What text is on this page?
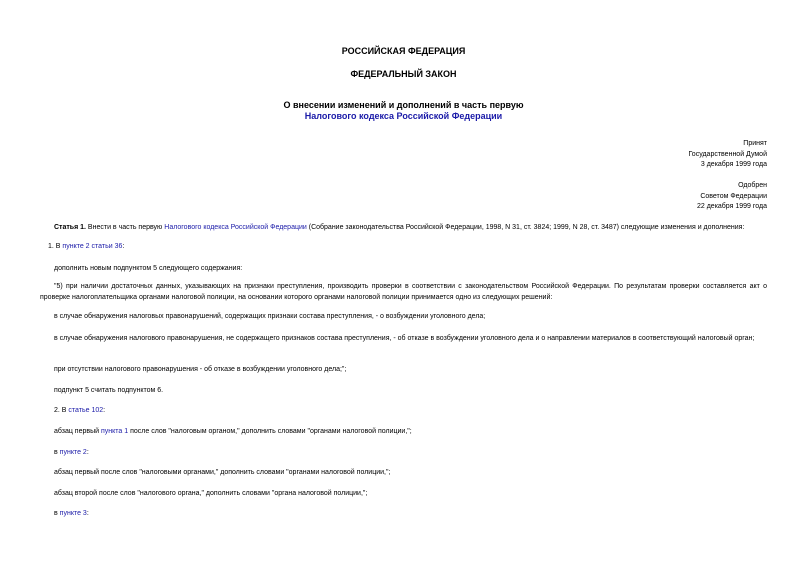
РОССИЙСКАЯ ФЕДЕРАЦИЯ
ФЕДЕРАЛЬНЫЙ ЗАКОН
О внесении изменений и дополнений в часть первую
Налогового кодекса Российской Федерации
Принят
Государственной Думой
3 декабря 1999 года
Одобрен
Советом Федерации
22 декабря 1999 года
Статья 1. Внести в часть первую Налогового кодекса Российской Федерации (Собрание законодательства Российской Федерации, 1998, N 31, ст. 3824; 1999, N 28, ст. 3487) следующие изменения и дополнения:
1. В пункте 2 статьи 36:
дополнить новым подпунктом 5 следующего содержания:
"5) при наличии достаточных данных, указывающих на признаки преступления, производить проверки в соответствии с законодательством Российской Федерации. По результатам проверки составляется акт о проверке налогоплательщика органами налоговой полиции, на основании которого органами налоговой полиции принимается одно из следующих решений:
в случае обнаружения налоговых правонарушений, содержащих признаки состава преступления, - о возбуждении уголовного дела;
в случае обнаружения налогового правонарушения, не содержащего признаков состава преступления, - об отказе в возбуждении уголовного дела и о направлении материалов в соответствующий налоговый орган;
при отсутствии налогового правонарушения - об отказе в возбуждении уголовного дела;";
подпункт 5 считать подпунктом 6.
2. В статье 102:
абзац первый пункта 1 после слов "налоговым органом," дополнить словами "органами налоговой полиции,";
в пункте 2:
абзац первый после слов "налоговыми органами," дополнить словами "органами налоговой полиции,";
абзац второй после слов "налогового органа," дополнить словами "органа налоговой полиции,";
в пункте 3:
